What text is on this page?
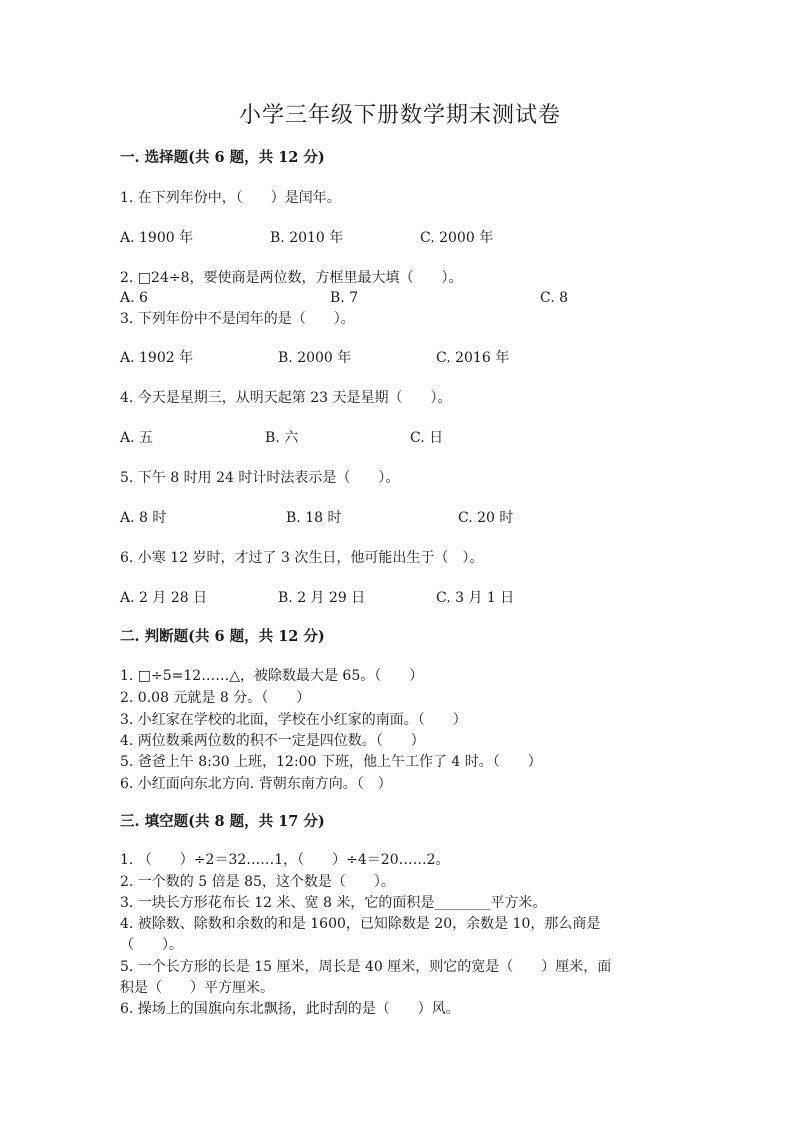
小学三年级下册数学期末测试卷
一. 选择题(共 6 题，共 12 分)
1. 在下列年份中，（　　）是闰年。
A. 1900 年	B. 2010 年	C. 2000 年
2. □24÷8，要使商是两位数，方框里最大填（　　）。
A. 6	B. 7	C. 8
3. 下列年份中不是闰年的是（　　）。
A. 1902 年	B. 2000 年	C. 2016 年
4. 今天是星期三，从明天起第 23 天是星期（　　）。
A. 五	B. 六	C. 日
5. 下午 8 时用 24 时计时法表示是（　　）。
A. 8 时	B. 18 时	C. 20 时
6. 小寒 12 岁时，才过了 3 次生日，他可能出生于（　）。
A. 2 月 28 日	B. 2 月 29 日	C. 3 月 1 日
二. 判断题(共 6 题，共 12 分)
1. □÷5=12……△，被除数最大是 65。（　　）
2. 0.08 元就是 8 分。（　　）
3. 小红家在学校的北面，学校在小红家的南面。（　　）
4. 两位数乘两位数的积不一定是四位数。（　　）
5. 爸爸上午 8:30 上班，12:00 下班，他上午工作了 4 时。（　　）
6. 小红面向东北方向. 背朝东南方向。（　）
三. 填空题(共 8 题，共 17 分)
1. （　　）÷2＝32……1，（　　）÷4＝20……2。
2. 一个数的 5 倍是 85，这个数是（　　）。
3. 一块长方形花布长 12 米、宽 8 米，它的面积是________平方米。
4. 被除数、除数和余数的和是 1600，已知除数是 20，余数是 10，那么商是
（　　）。
5. 一个长方形的长是 15 厘米，周长是 40 厘米，则它的宽是（　　）厘米，面
积是（　　）平方厘米。
6. 操场上的国旗向东北飘扬，此时刮的是（　　）风。
